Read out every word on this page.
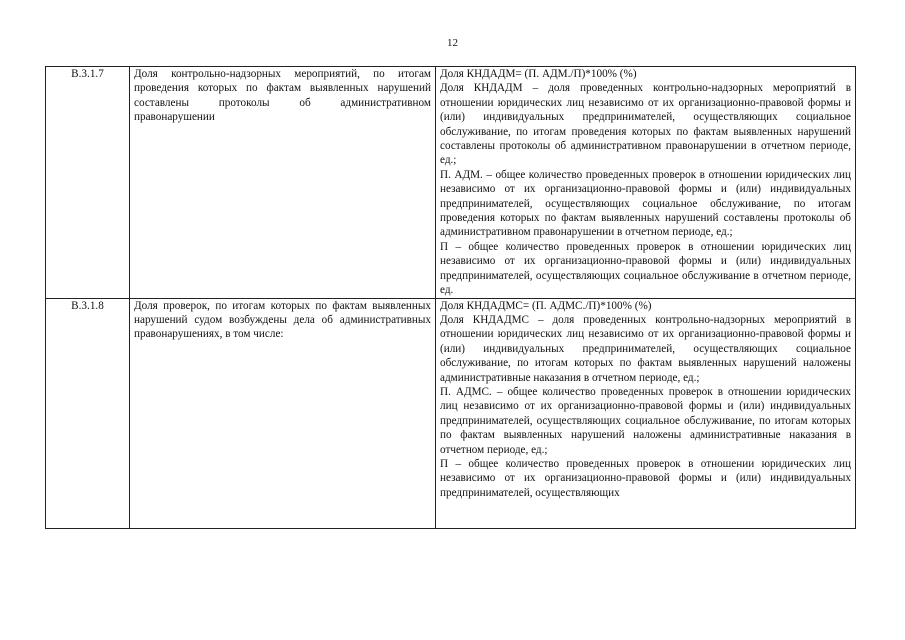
12
В.3.1.7	Доля контрольно-надзорных мероприятий, по итогам проведения которых по фактам выявленных нарушений составлены протоколы об административном правонарушении	Доля КНДАДМ= (П. АДМ./П)*100% (%)
Доля КНДАДМ – доля проведенных контрольно-надзорных мероприятий в отношении юридических лиц независимо от их организационно-правовой формы и (или) индивидуальных предпринимателей, осуществляющих социальное обслуживание, по итогам проведения которых по фактам выявленных нарушений составлены протоколы об административном правонарушении в отчетном периоде, ед.;
П. АДМ. – общее количество проведенных проверок в отношении юридических лиц независимо от их организационно-правовой формы и (или) индивидуальных предпринимателей, осуществляющих социальное обслуживание, по итогам проведения которых по фактам выявленных нарушений составлены протоколы об административном правонарушении в отчетном периоде, ед.;
П – общее количество проведенных проверок в отношении юридических лиц независимо от их организационно-правовой формы и (или) индивидуальных предпринимателей, осуществляющих социальное обслуживание в отчетном периоде, ед.

В.3.1.8	Доля проверок, по итогам которых по фактам выявленных нарушений судом возбуждены дела об административных правонарушениях, в том числе:	Доля КНДАДМС= (П. АДМС./П)*100% (%)
Доля КНДАДМС – доля проведенных контрольно-надзорных мероприятий в отношении юридических лиц независимо от их организационно-правовой формы и (или) индивидуальных предпринимателей, осуществляющих социальное обслуживание, по итогам которых по фактам выявленных нарушений наложены административные наказания в отчетном периоде, ед.;
П. АДМС. – общее количество проведенных проверок в отношении юридических лиц независимо от их организационно-правовой формы и (или) индивидуальных предпринимателей, осуществляющих социальное обслуживание, по итогам которых по фактам выявленных нарушений наложены административные наказания в отчетном периоде, ед.;
П – общее количество проведенных проверок в отношении юридических лиц независимо от их организационно-правовой формы и (или) индивидуальных предпринимателей, осуществляющих
